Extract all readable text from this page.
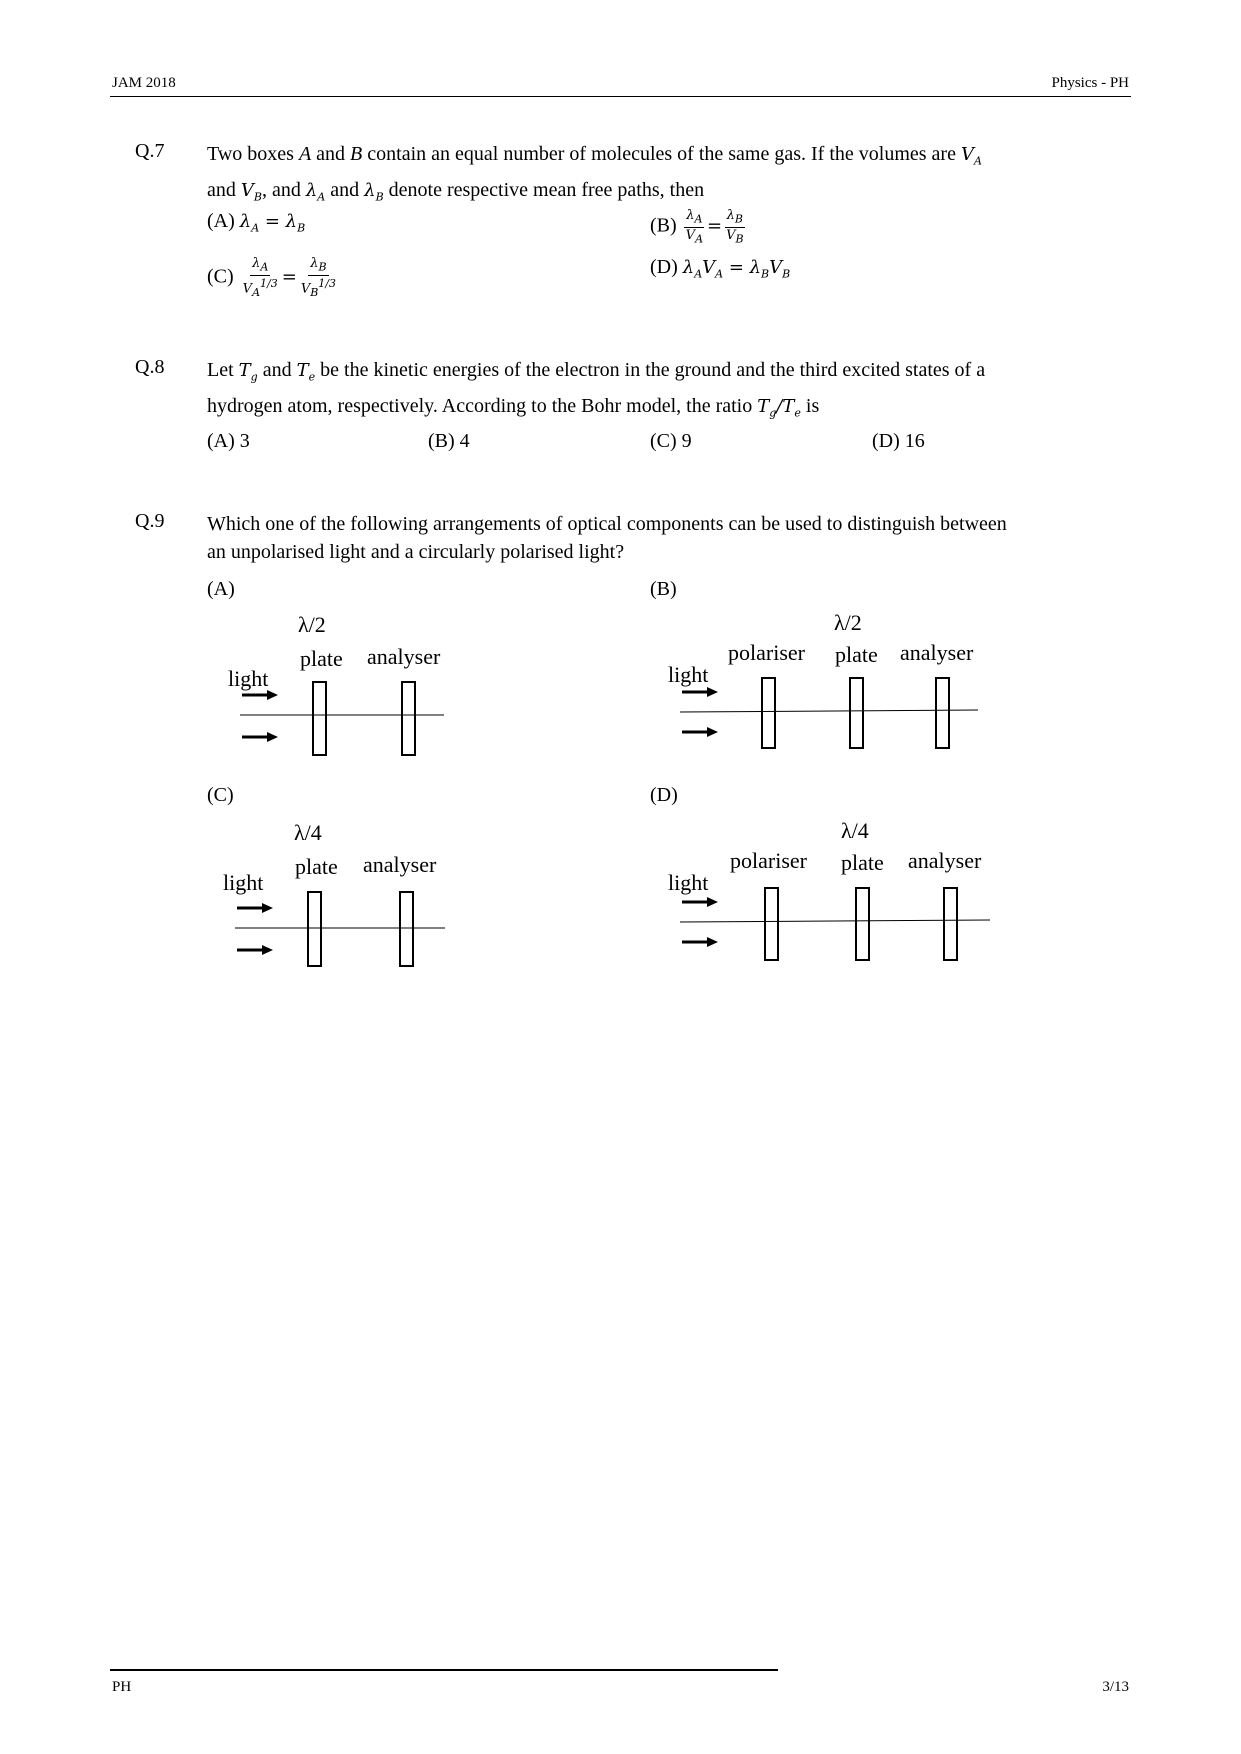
JAM 2018	Physics - PH
Q.7 Two boxes A and B contain an equal number of molecules of the same gas. If the volumes are $V_A$
and $V_B$, and $\lambda_A$ and $\lambda_B$ denote respective mean free paths, then
(A) $\lambda_A = \lambda_B$	$(B) \frac{\lambda_A}{V_A} = \frac{\lambda_B}{V_B}$
$(C) \frac{\lambda_A}{V_A^{1/3}} = \frac{\lambda_B}{V_B^{1/3}}$	(D) $\lambda_AV_A = \lambda_BV_B$
Q.8 Let $T_g$ and $T_e$ be the kinetic energies of the electron in the ground and the third excited states of a
hydrogen atom, respectively. According to the Bohr model, the ratio $T_g/T_e$ is
(A) 3	(B) 4	(C) 9	(D) 16
Q.9 Which one of the following arrangements of optical components can be used to distinguish between
an unpolarised light and a circularly polarised light?
(A)	(B)
(C)	(D)
light
λ/2
plate analyser
light
polariser
λ/2
plate analyser
light
λ/4
plate analyser
light
polariser
λ/4
plate analyser
PH	3/13
